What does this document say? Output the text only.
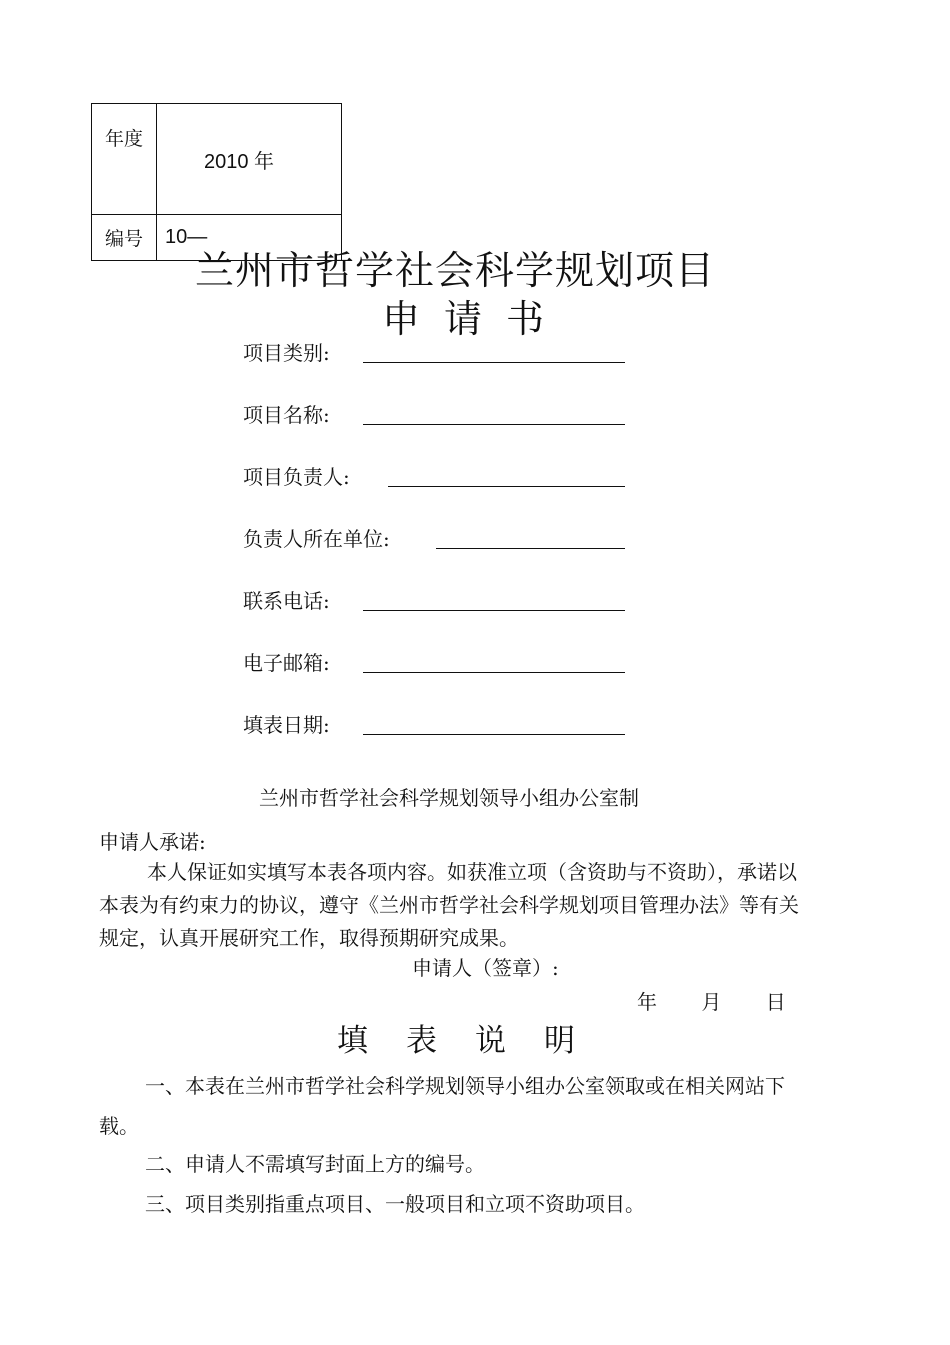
年度	2010 年
编号	10—
兰州市哲学社会科学规划项目
申请书
项目类别:
项目名称:
项目负责人:
负责人所在单位:
联系电话:
电子邮箱:
填表日期:
兰州市哲学社会科学规划领导小组办公室制
申请人承诺:

本人保证如实填写本表各项内容。如获准立项（含资助与不资助），承诺以本表为有约束力的协议，遵守《兰州市哲学社会科学规划项目管理办法》等有关规定，认真开展研究工作，取得预期研究成果。

申请人（签章）:
年 月 日
填表说明

一、本表在兰州市哲学社会科学规划领导小组办公室领取或在相关网站下载。

二、申请人不需填写封面上方的编号。

三、项目类别指重点项目、一般项目和立项不资助项目。
